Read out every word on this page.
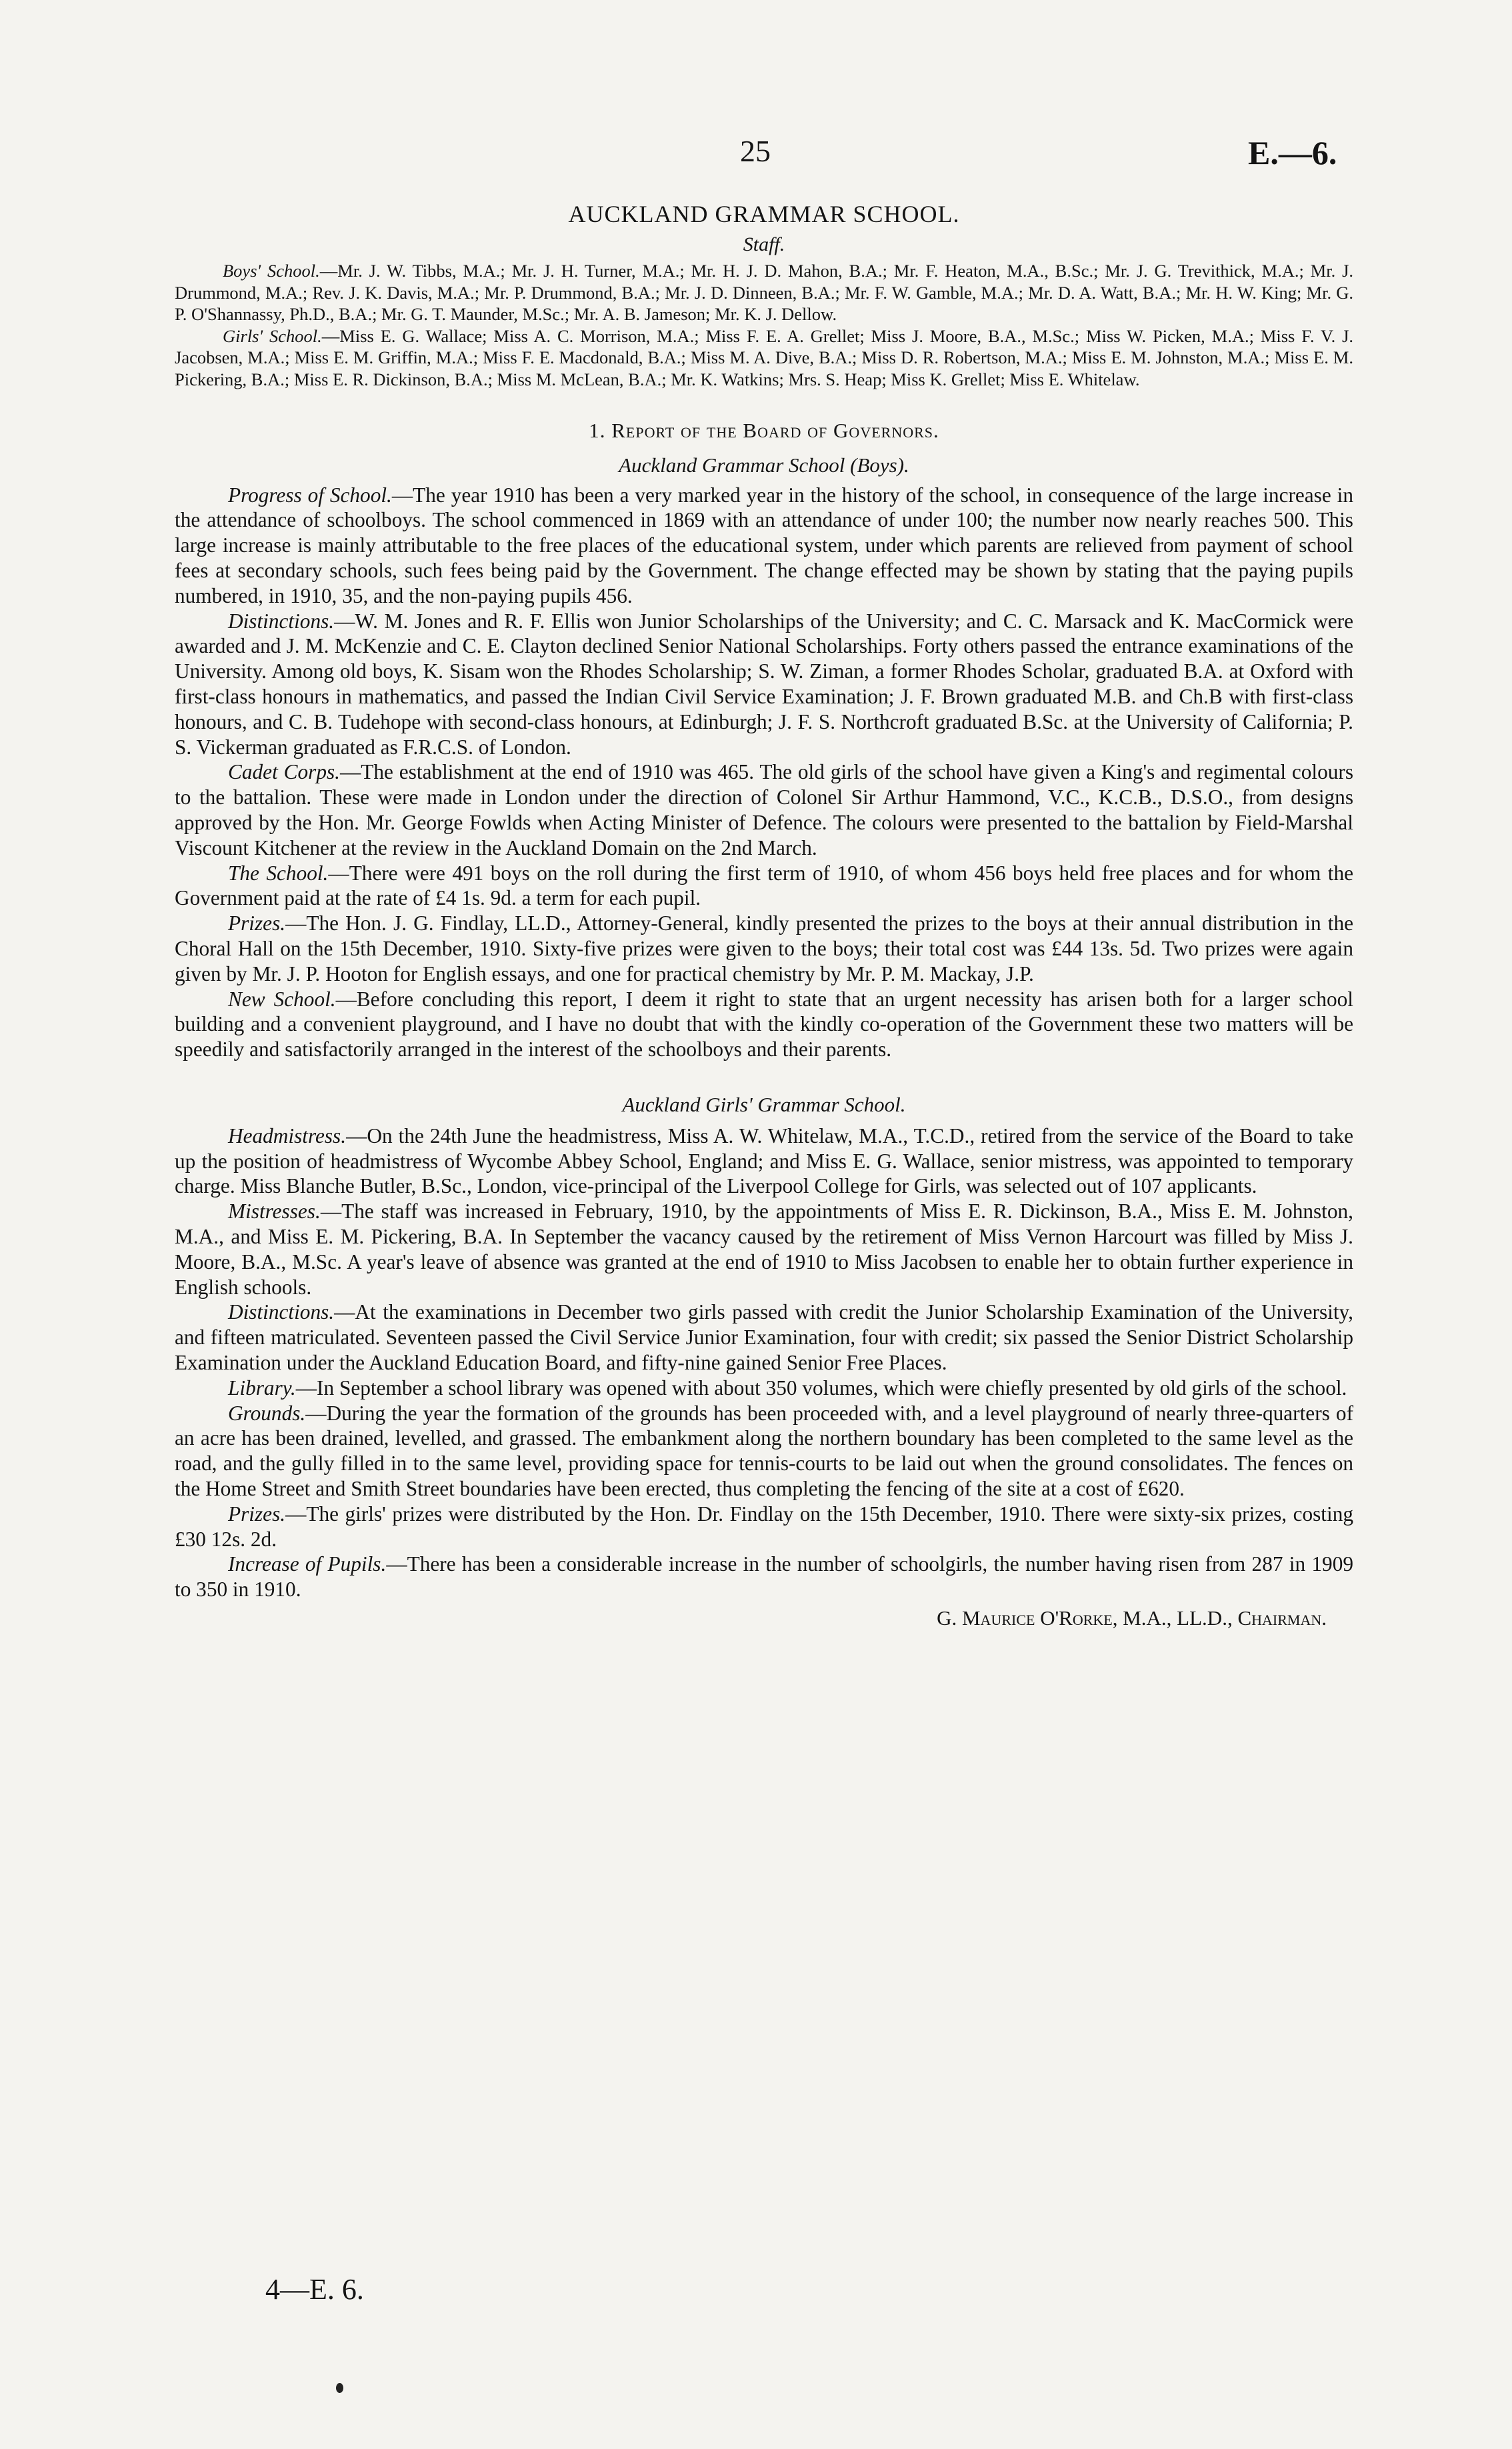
25	E.—6.
AUCKLAND GRAMMAR SCHOOL.
Staff.

Boys' School.—Mr. J. W. Tibbs, M.A.; Mr. J. H. Turner, M.A.; Mr. H. J. D. Mahon, B.A.; Mr. F. Heaton, M.A., B.Sc.; Mr. J. G. Trevithick, M.A.; Mr. J. Drummond, M.A.; Rev. J. K. Davis, M.A.; Mr. P. Drummond, B.A.; Mr. J. D. Dinneen, B.A.; Mr. F. W. Gamble, M.A.; Mr. D. A. Watt, B.A.; Mr. H. W. King; Mr. G. P. O'Shannassy, Ph.D., B.A.; Mr. G. T. Maunder, M.Sc.; Mr. A. B. Jameson; Mr. K. J. Dellow.

Girls' School.—Miss E. G. Wallace; Miss A. C. Morrison, M.A.; Miss F. E. A. Grellet; Miss J. Moore, B.A., M.Sc.; Miss W. Picken, M.A.; Miss F. V. J. Jacobsen, M.A.; Miss E. M. Griffin, M.A.; Miss F. E. Macdonald, B.A.; Miss M. A. Dive, B.A.; Miss D. R. Robertson, M.A.; Miss E. M. Johnston, M.A.; Miss E. M. Pickering, B.A.; Miss E. R. Dickinson, B.A.; Miss M. McLean, B.A.; Mr. K. Watkins; Mrs. S. Heap; Miss K. Grellet; Miss E. Whitelaw.

1. Report of the Board of Governors.
Auckland Grammar School (Boys).

Progress of School.—The year 1910 has been a very marked year in the history of the school, in consequence of the large increase in the attendance of schoolboys. The school commenced in 1869 with an attendance of under 100; the number now nearly reaches 500. This large increase is mainly attributable to the free places of the educational system, under which parents are relieved from payment of school fees at secondary schools, such fees being paid by the Government. The change effected may be shown by stating that the paying pupils numbered, in 1910, 35, and the non-paying pupils 456.

Distinctions.—W. M. Jones and R. F. Ellis won Junior Scholarships of the University; and C. C. Marsack and K. MacCormick were awarded and J. M. McKenzie and C. E. Clayton declined Senior National Scholarships. Forty others passed the entrance examinations of the University. Among old boys, K. Sisam won the Rhodes Scholarship; S. W. Ziman, a former Rhodes Scholar, graduated B.A. at Oxford with first-class honours in mathematics, and passed the Indian Civil Service Examination; J. F. Brown graduated M.B. and Ch.B with first-class honours, and C. B. Tudehope with second-class honours, at Edinburgh; J. F. S. Northcroft graduated B.Sc. at the University of California; P. S. Vickerman graduated as F.R.C.S. of London.

Cadet Corps.—The establishment at the end of 1910 was 465. The old girls of the school have given a King's and regimental colours to the battalion. These were made in London under the direction of Colonel Sir Arthur Hammond, V.C., K.C.B., D.S.O., from designs approved by the Hon. Mr. George Fowlds when Acting Minister of Defence. The colours were presented to the battalion by Field-Marshal Viscount Kitchener at the review in the Auckland Domain on the 2nd March.

The School.—There were 491 boys on the roll during the first term of 1910, of whom 456 boys held free places and for whom the Government paid at the rate of £4 1s. 9d. a term for each pupil.

Prizes.—The Hon. J. G. Findlay, LL.D., Attorney-General, kindly presented the prizes to the boys at their annual distribution in the Choral Hall on the 15th December, 1910. Sixty-five prizes were given to the boys; their total cost was £44 13s. 5d. Two prizes were again given by Mr. J. P. Hooton for English essays, and one for practical chemistry by Mr. P. M. Mackay, J.P.

New School.—Before concluding this report, I deem it right to state that an urgent necessity has arisen both for a larger school building and a convenient playground, and I have no doubt that with the kindly co-operation of the Government these two matters will be speedily and satisfactorily arranged in the interest of the schoolboys and their parents.

Auckland Girls' Grammar School.

Headmistress.—On the 24th June the headmistress, Miss A. W. Whitelaw, M.A., T.C.D., retired from the service of the Board to take up the position of headmistress of Wycombe Abbey School, England; and Miss E. G. Wallace, senior mistress, was appointed to temporary charge. Miss Blanche Butler, B.Sc., London, vice-principal of the Liverpool College for Girls, was selected out of 107 applicants.

Mistresses.—The staff was increased in February, 1910, by the appointments of Miss E. R. Dickinson, B.A., Miss E. M. Johnston, M.A., and Miss E. M. Pickering, B.A. In September the vacancy caused by the retirement of Miss Vernon Harcourt was filled by Miss J. Moore, B.A., M.Sc. A year's leave of absence was granted at the end of 1910 to Miss Jacobsen to enable her to obtain further experience in English schools.

Distinctions.—At the examinations in December two girls passed with credit the Junior Scholarship Examination of the University, and fifteen matriculated. Seventeen passed the Civil Service Junior Examination, four with credit; six passed the Senior District Scholarship Examination under the Auckland Education Board, and fifty-nine gained Senior Free Places.

Library.—In September a school library was opened with about 350 volumes, which were chiefly presented by old girls of the school.

Grounds.—During the year the formation of the grounds has been proceeded with, and a level playground of nearly three-quarters of an acre has been drained, levelled, and grassed. The embankment along the northern boundary has been completed to the same level as the road, and the gully filled in to the same level, providing space for tennis-courts to be laid out when the ground consolidates. The fences on the Home Street and Smith Street boundaries have been erected, thus completing the fencing of the site at a cost of £620.

Prizes.—The girls' prizes were distributed by the Hon. Dr. Findlay on the 15th December, 1910. There were sixty-six prizes, costing £30 12s. 2d.

Increase of Pupils.—There has been a considerable increase in the number of schoolgirls, the number having risen from 287 in 1909 to 350 in 1910.

G. Maurice O'Rorke, M.A., LL.D., Chairman.
4—E. 6.
